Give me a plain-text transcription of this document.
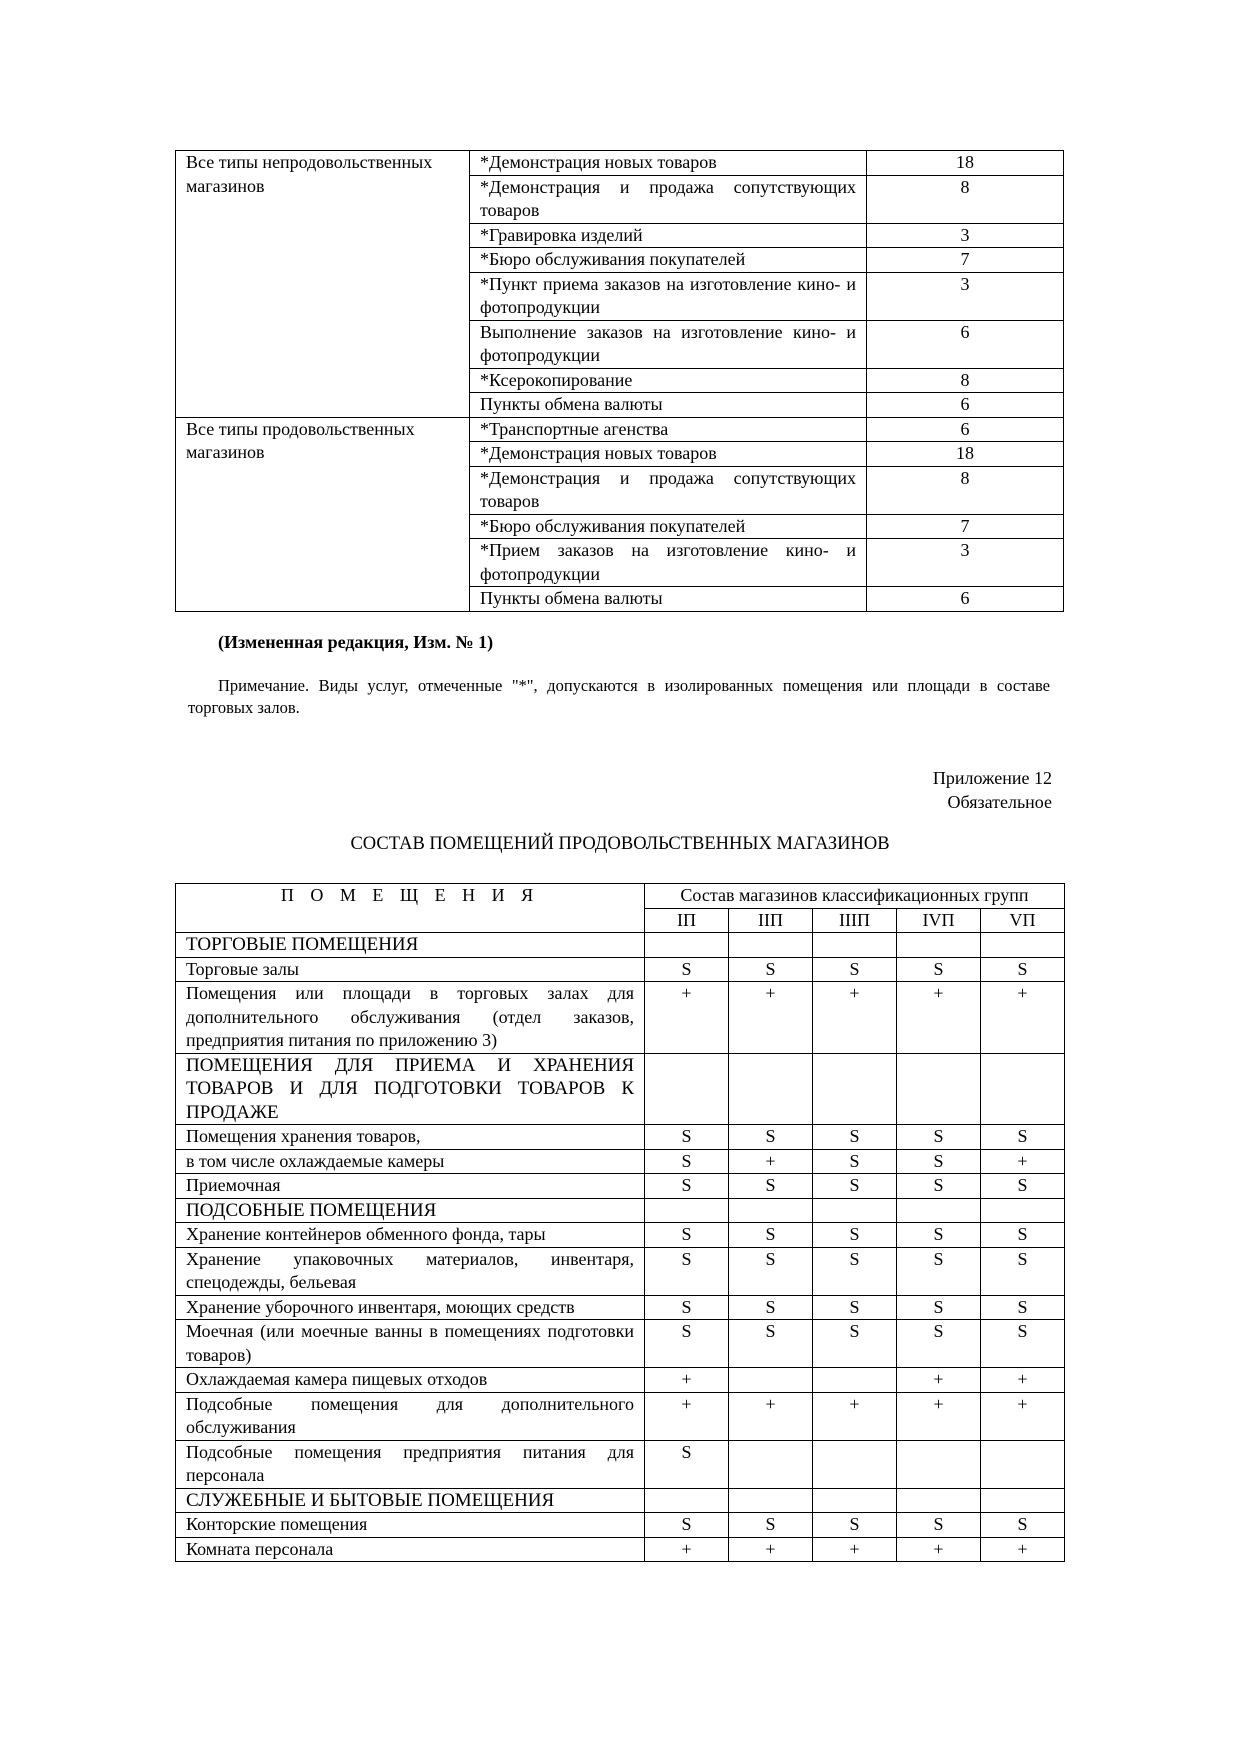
Все типы непродовольственных магазинов	*Демонстрация новых товаров	18
	*Демонстрация и продажа сопутствующих товаров	8
	*Гравировка изделий	3
	*Бюро обслуживания покупателей	7
	*Пункт приема заказов на изготовление кино- и фотопродукции	3
	Выполнение заказов на изготовление кино- и фотопродукции	6
	*Ксерокопирование	8
	Пункты обмена валюты	6
Все типы продовольственных магазинов	*Транспортные агенства	6
	*Демонстрация новых товаров	18
	*Демонстрация и продажа сопутствующих товаров	8
	*Бюро обслуживания покупателей	7
	*Прием заказов на изготовление кино- и фотопродукции	3
	Пункты обмена валюты	6
(Измененная редакция, Изм. № 1)
Примечание. Виды услуг, отмеченные "*", допускаются в изолированных помещения или площади в составе торговых залов.
Приложение 12
Обязательное
СОСТАВ ПОМЕЩЕНИЙ ПРОДОВОЛЬСТВЕННЫХ МАГАЗИНОВ
П О М Е Щ Е Н И Я	Состав магазинов классификационных групп				
	IП	IIП	IIIП	IVП	VП
ТОРГОВЫЕ ПОМЕЩЕНИЯ					
Торговые залы	S	S	S	S	S
Помещения или площади в торговых залах для дополнительного обслуживания (отдел заказов, предприятия питания по приложению 3)	+	+	+	+	+
ПОМЕЩЕНИЯ ДЛЯ ПРИЕМА И ХРАНЕНИЯ ТОВАРОВ И ДЛЯ ПОДГОТОВКИ ТОВАРОВ К ПРОДАЖЕ					
Помещения хранения товаров,	S	S	S	S	S
в том числе охлаждаемые камеры	S	+	S	S	+
Приемочная	S	S	S	S	S
ПОДСОБНЫЕ ПОМЕЩЕНИЯ					
Хранение контейнеров обменного фонда, тары	S	S	S	S	S
Хранение упаковочных материалов, инвентаря, спецодежды, бельевая	S	S	S	S	S
Хранение уборочного инвентаря, моющих средств	S	S	S	S	S
Моечная (или моечные ванны в помещениях подготовки товаров)	S	S	S	S	S
Охлаждаемая камера пищевых отходов	+			+	+
Подсобные помещения для дополнительного обслуживания	+	+	+	+	+
Подсобные помещения предприятия питания для персонала	S				
СЛУЖЕБНЫЕ И БЫТОВЫЕ ПОМЕЩЕНИЯ					
Конторские помещения	S	S	S	S	S
Комната персонала	+	+	+	+	+
